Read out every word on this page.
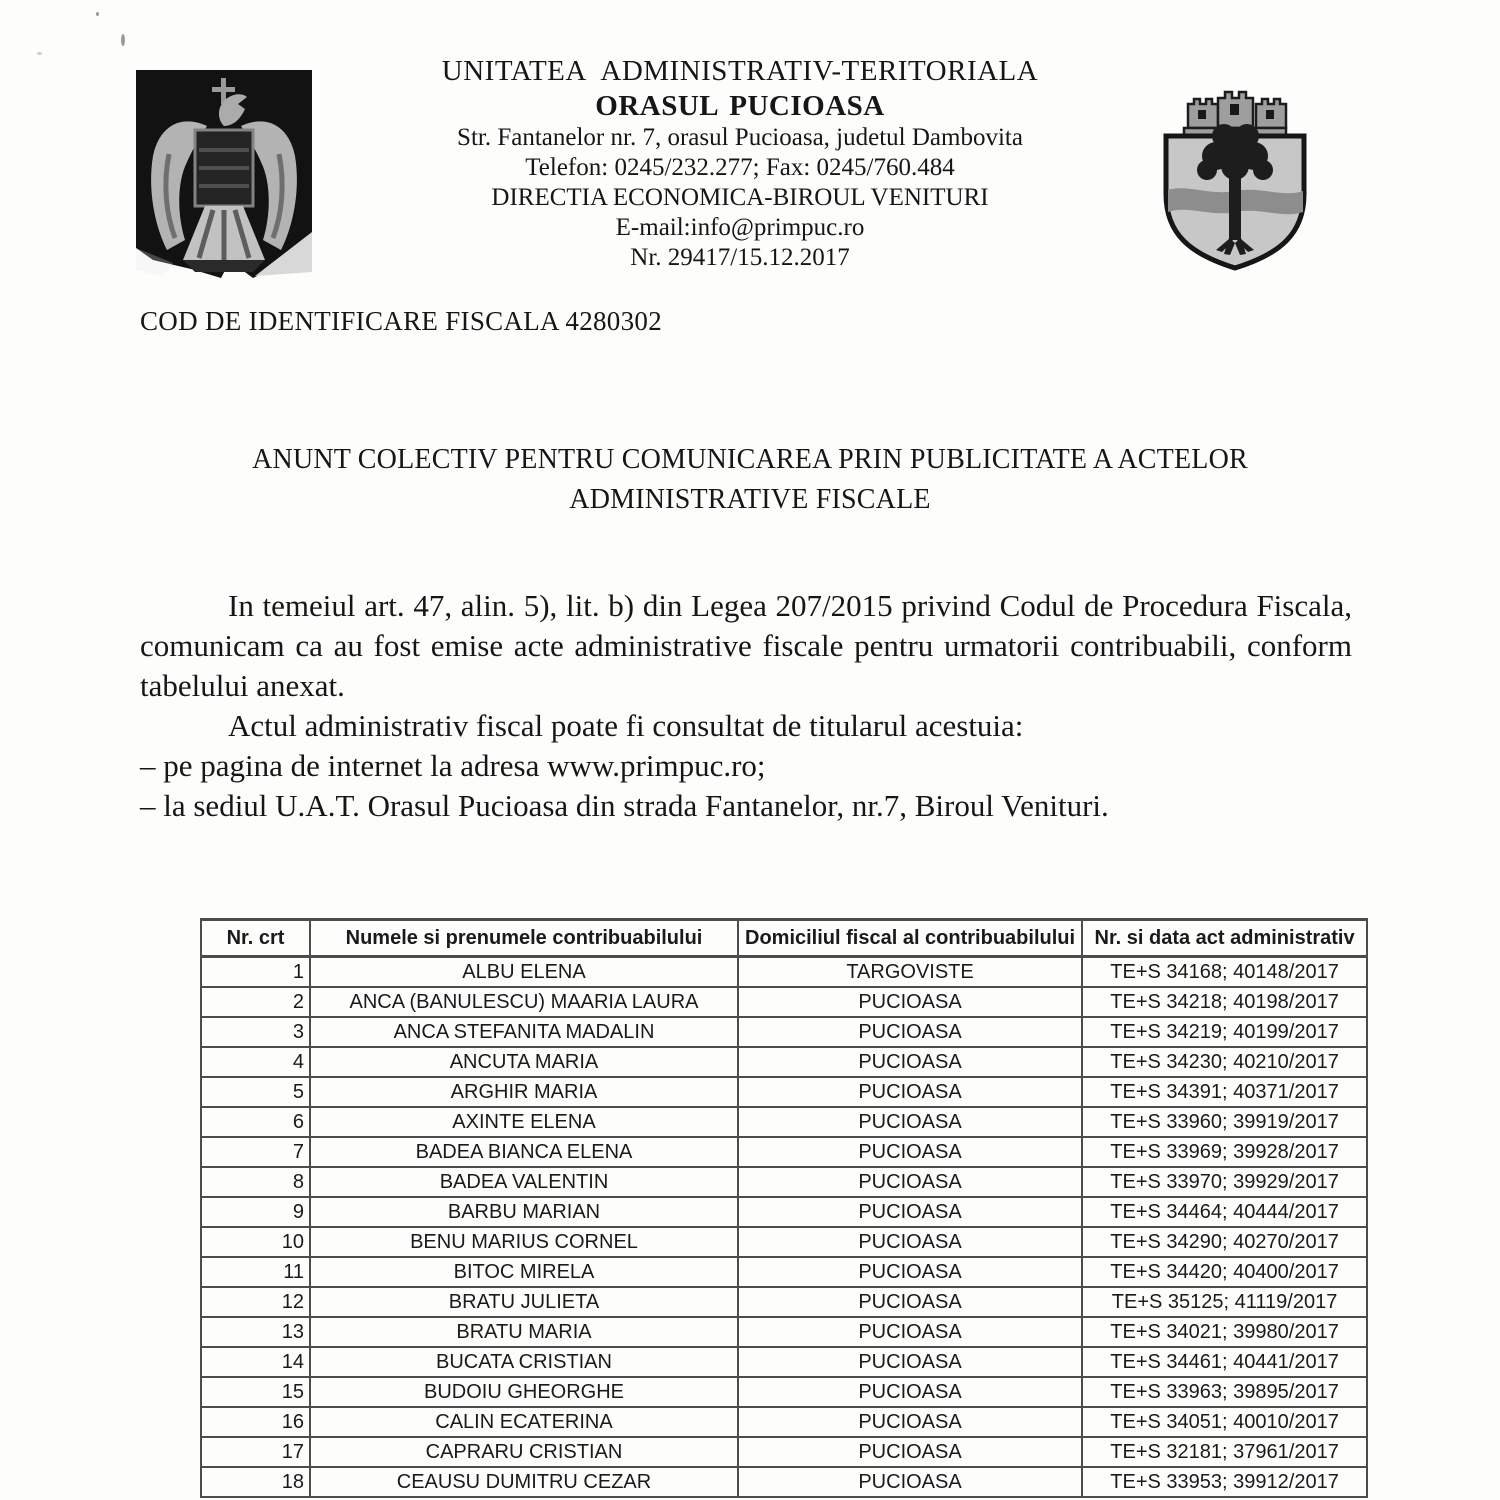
UNITATEA ADMINISTRATIV-TERITORIALA
ORASUL PUCIOASA
Str. Fantanelor nr. 7, orasul Pucioasa, judetul Dambovita
Telefon: 0245/232.277; Fax: 0245/760.484
DIRECTIA ECONOMICA-BIROUL VENITURI
E-mail:info@primpuc.ro
Nr. 29417/15.12.2017
COD DE IDENTIFICARE FISCALA 4280302
ANUNT COLECTIV PENTRU COMUNICAREA PRIN PUBLICITATE A ACTELOR
ADMINISTRATIVE FISCALE

In temeiul art. 47, alin. 5), lit. b) din Legea 207/2015 privind Codul de Procedura Fiscala, comunicam ca au fost emise acte administrative fiscale pentru urmatorii contribuabili, conform tabelului anexat.

Actul administrativ fiscal poate fi consultat de titularul acestuia:

– pe pagina de internet la adresa www.primpuc.ro;

– la sediul U.A.T. Orasul Pucioasa din strada Fantanelor, nr.7, Biroul Venituri.

Nr. crt	Numele si prenumele contribuabilului	Domiciliul fiscal al contribuabilului	Nr. si data act administrativ
1	ALBU ELENA	TARGOVISTE	TE+S 34168; 40148/2017
2	ANCA (BANULESCU) MAARIA LAURA	PUCIOASA	TE+S 34218; 40198/2017
3	ANCA STEFANITA MADALIN	PUCIOASA	TE+S 34219; 40199/2017
4	ANCUTA MARIA	PUCIOASA	TE+S 34230; 40210/2017
5	ARGHIR MARIA	PUCIOASA	TE+S 34391; 40371/2017
6	AXINTE ELENA	PUCIOASA	TE+S 33960; 39919/2017
7	BADEA BIANCA ELENA	PUCIOASA	TE+S 33969; 39928/2017
8	BADEA VALENTIN	PUCIOASA	TE+S 33970; 39929/2017
9	BARBU MARIAN	PUCIOASA	TE+S 34464; 40444/2017
10	BENU MARIUS CORNEL	PUCIOASA	TE+S 34290; 40270/2017
11	BITOC MIRELA	PUCIOASA	TE+S 34420; 40400/2017
12	BRATU JULIETA	PUCIOASA	TE+S 35125; 41119/2017
13	BRATU MARIA	PUCIOASA	TE+S 34021; 39980/2017
14	BUCATA CRISTIAN	PUCIOASA	TE+S 34461; 40441/2017
15	BUDOIU GHEORGHE	PUCIOASA	TE+S 33963; 39895/2017
16	CALIN ECATERINA	PUCIOASA	TE+S 34051; 40010/2017
17	CAPRARU CRISTIAN	PUCIOASA	TE+S 32181; 37961/2017
18	CEAUSU DUMITRU CEZAR	PUCIOASA	TE+S 33953; 39912/2017
